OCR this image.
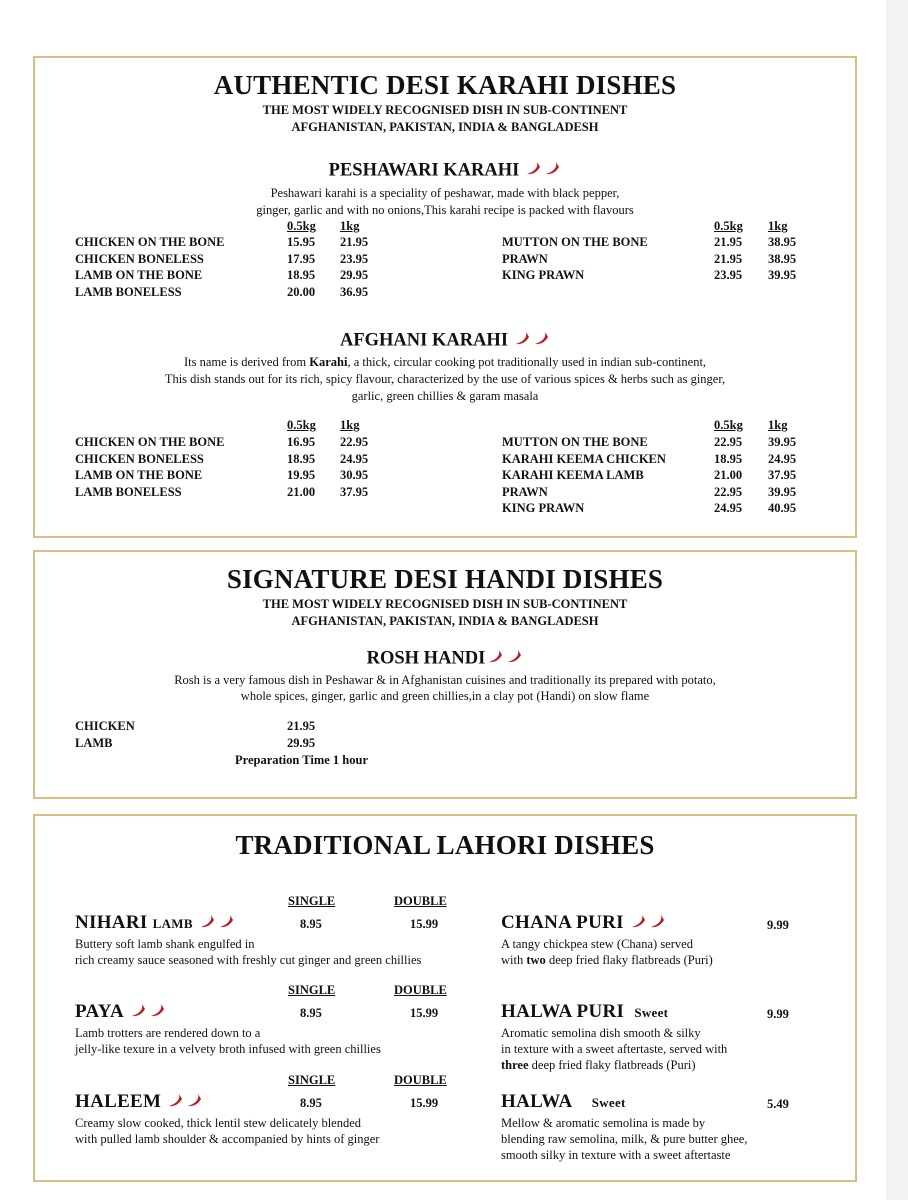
AUTHENTIC DESI KARAHI DISHES
THE MOST WIDELY RECOGNISED DISH IN SUB-CONTINENT
AFGHANISTAN, PAKISTAN, INDIA & BANGLADESH
PESHAWARI KARAHI
Peshawari karahi is a speciality of peshawar, made with black pepper,
ginger, garlic and with no onions,This karahi recipe is packed with flavours
0.5kg 1kg	0.5kg 1kg
CHICKEN ON THE BONE	15.95 21.95
CHICKEN BONELESS	17.95 23.95
LAMB ON THE BONE	18.95 29.95
LAMB BONELESS	20.00 36.95
MUTTON ON THE BONE	21.95 38.95
PRAWN	21.95 38.95
KING PRAWN	23.95 39.95
AFGHANI KARAHI
Its name is derived from Karahi, a thick, circular cooking pot traditionally used in indian sub-continent,
This dish stands out for its rich, spicy flavour, characterized by the use of various spices & herbs such as ginger,
garlic, green chillies & garam masala
0.5kg 1kg	0.5kg 1kg
CHICKEN ON THE BONE	16.95 22.95
CHICKEN BONELESS	18.95 24.95
LAMB ON THE BONE	19.95 30.95
LAMB BONELESS	21.00 37.95
MUTTON ON THE BONE	22.95 39.95
KARAHI KEEMA CHICKEN	18.95 24.95
KARAHI KEEMA LAMB	21.00 37.95
PRAWN	22.95 39.95
KING PRAWN	24.95 40.95
SIGNATURE DESI HANDI DISHES
THE MOST WIDELY RECOGNISED DISH IN SUB-CONTINENT
AFGHANISTAN, PAKISTAN, INDIA & BANGLADESH
ROSH HANDI
Rosh is a very famous dish in Peshawar & in Afghanistan cuisines and traditionally its prepared with potato,
whole spices, ginger, garlic and green chillies,in a clay pot (Handi) on slow flame
CHICKEN	21.95
LAMB	29.95
Preparation Time 1 hour
TRADITIONAL LAHORI DISHES
SINGLE	DOUBLE
NIHARI LAMB	8.95	15.99
Buttery soft lamb shank engulfed in
rich creamy sauce seasoned with freshly cut ginger and green chillies
SINGLE	DOUBLE
PAYA	8.95	15.99
Lamb trotters are rendered down to a
jelly-like texure in a velvety broth infused with green chillies
SINGLE	DOUBLE
HALEEM	8.95	15.99
Creamy slow cooked, thick lentil stew delicately blended
with pulled lamb shoulder & accompanied by hints of ginger
CHANA PURI	9.99
A tangy chickpea stew (Chana) served
with two deep fried flaky flatbreads (Puri)
HALWA PURI Sweet	9.99
Aromatic semolina dish smooth & silky
in texture with a sweet aftertaste, served with
three deep fried flaky flatbreads (Puri)
HALWA Sweet	5.49
Mellow & aromatic semolina is made by
blending raw semolina, milk, & pure butter ghee,
smooth silky in texture with a sweet aftertaste
